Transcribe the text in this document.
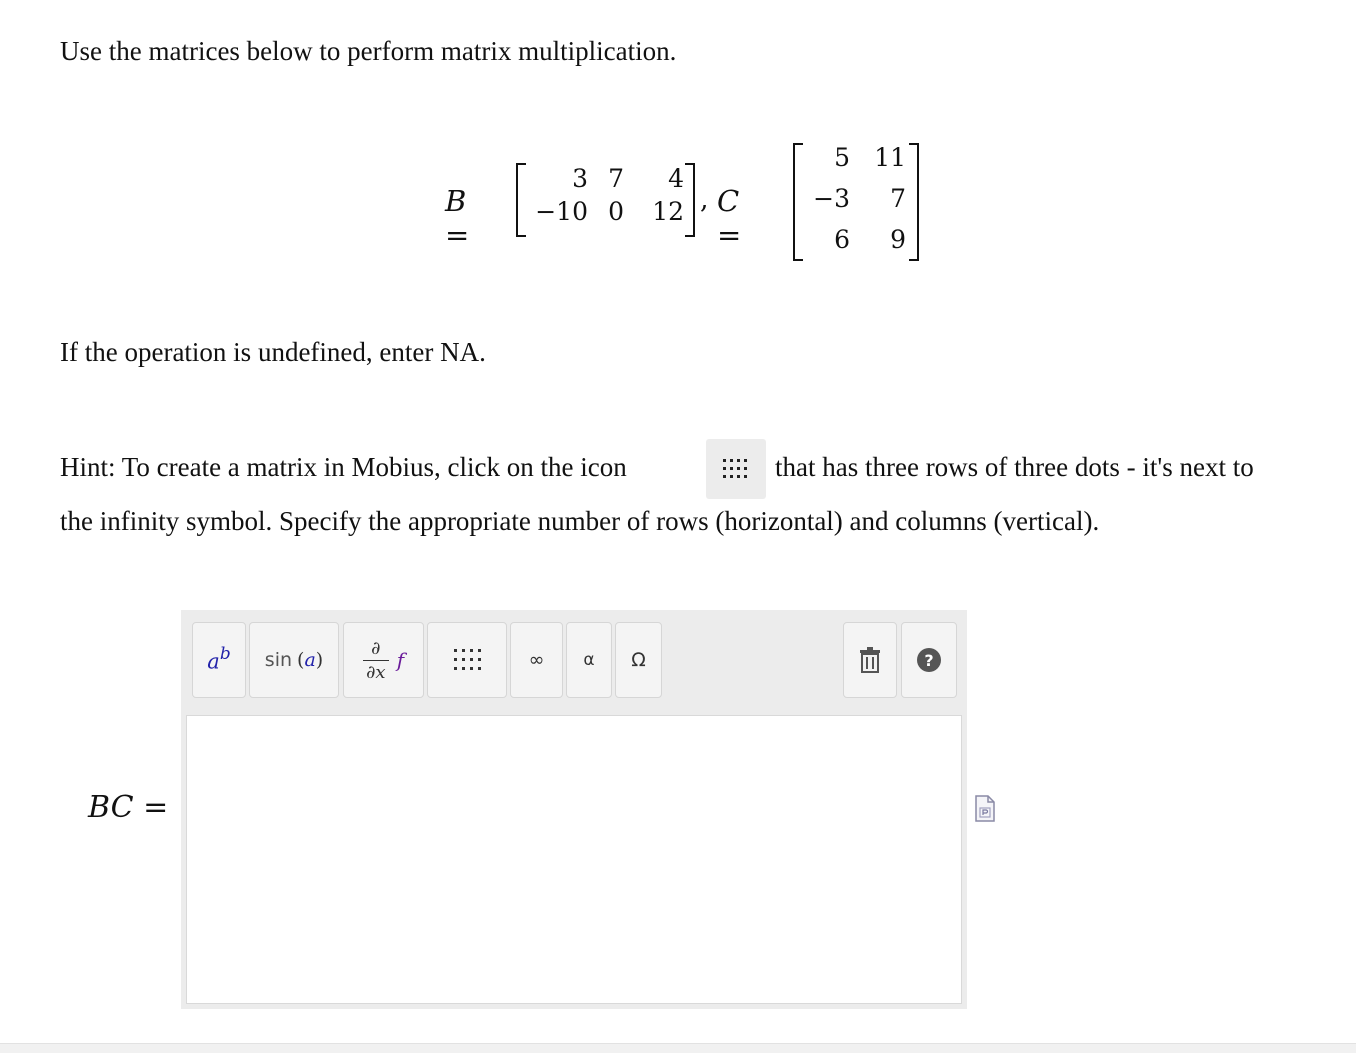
Use the matrices below to perform matrix multiplication.
B =
3 7	4
−10 0	12 , C =
5 11
−3	7
6	9
If the operation is undefined, enter NA.
Hint: To create a matrix in Mobius, click on the icon	that has three rows of three dots - it's next to
the infinity symbol. Specify the appropriate number of rows (horizontal) and columns (vertical).
BC =
$a^b$ sin (a)
∂
∂x f	∞ α Ω	?
